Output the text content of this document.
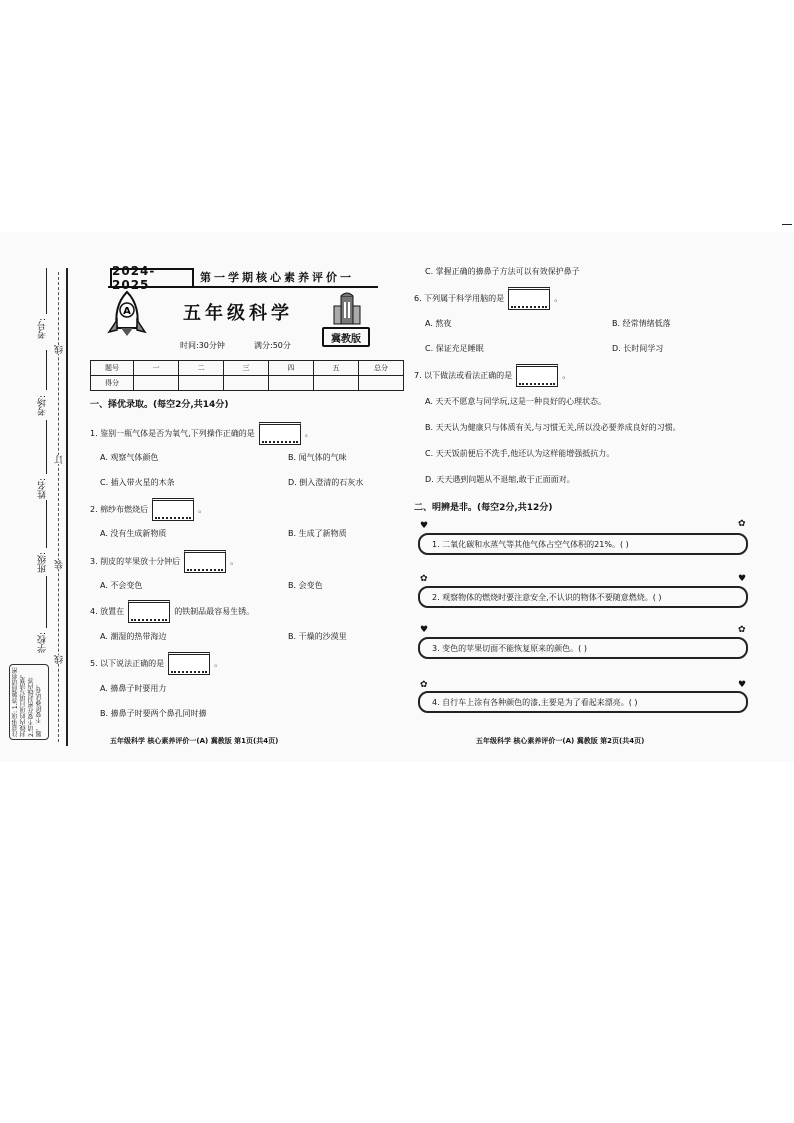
考号:
考场:
姓名:
班级:
学校:
线
订
装
线
注意事项: 1.答题前请将密封线内的项目填写清楚。 2.请不要在密封线内答题。 不要折叠试卷。
2024-2025
第一学期核心素养评价一
A	五年级科学
冀教版
时间:30分钟	满分:50分
题号	一	二	三	四	五	总分
得分						
一、择优录取。(每空2分,共14分)
1. 鉴别一瓶气体是否为氧气,下列操作正确的是	。
A. 观察气体颜色	B. 闻气体的气味
C. 插入带火星的木条	D. 倒入澄清的石灰水
2. 棉纱布燃烧后	。
A. 没有生成新物质	B. 生成了新物质
3. 削皮的苹果放十分钟后	。
A. 不会变色	B. 会变色
4. 放置在	的铁制品最容易生锈。
A. 潮湿的热带海边	B. 干燥的沙漠里
5. 以下说法正确的是	。
A. 擤鼻子时要用力
B. 擤鼻子时要两个鼻孔同时擤
五年级科学 核心素养评价一(A) 冀教版 第1页(共4页)
C. 掌握正确的擤鼻子方法可以有效保护鼻子
6. 下列属于科学用脑的是	。
A. 熬夜	B. 经常情绪低落
C. 保证充足睡眠	D. 长时间学习
7. 以下做法或看法正确的是	。
A. 天天不愿意与同学玩,这是一种良好的心理状态。
B. 天天认为健康只与体质有关,与习惯无关,所以没必要养成良好的习惯。
C. 天天饭前便后不洗手,他还认为这样能增强抵抗力。
D. 天天遇到问题从不退缩,敢于正面面对。
二、明辨是非。(每空2分,共12分)
♥	✿
1. 二氧化碳和水蒸气等其他气体占空气体积的21%。( )
✿	♥
2. 观察物体的燃烧时要注意安全,不认识的物体不要随意燃烧。( )
♥	✿
3. 变色的苹果切面不能恢复原来的颜色。( )
✿	♥
4. 自行车上涂有各种颜色的漆,主要是为了看起来漂亮。( )
五年级科学 核心素养评价一(A) 冀教版 第2页(共4页)
